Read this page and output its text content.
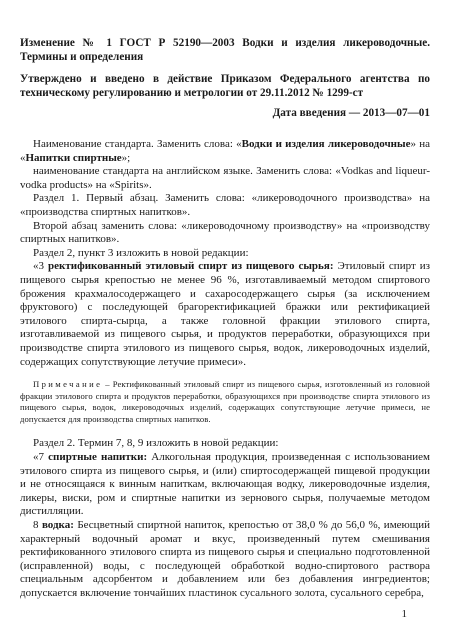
Изменение № 1 ГОСТ Р 52190—2003 Водки и изделия ликероводочные. Термины и определения

Утверждено и введено в действие Приказом Федерального агентства по техническому регулированию и метрологии от 29.11.2012 № 1299-ст

Дата введения — 2013—07—01

Наименование стандарта. Заменить слова: «Водки и изделия ликероводочные» на «Напитки спиртные»;

наименование стандарта на английском языке. Заменить слова: «Vodkas and liqueur-vodka products» на «Spirits».

Раздел 1. Первый абзац. Заменить слова: «ликероводочного производства» на «производства спиртных напитков».

Второй абзац заменить слова: «ликероводочному производству» на «производству спиртных напитков».

Раздел 2, пункт 3 изложить в новой редакции:

«3 ректификованный этиловый спирт из пищевого сырья: Этиловый спирт из пищевого сырья крепостью не менее 96 %, изготавливаемый методом спиртового брожения крахмалосодержащего и сахаросодержащего сырья (за исключением фруктового) с последующей брагоректификацией бражки или ректификацией этилового спирта-сырца, а также головной фракции этилового спирта, изготавливаемой из пищевого сырья, и продуктов переработки, образующихся при производстве спирта этилового из пищевого сырья, водок, ликероводочных изделий, содержащих сопутствующие летучие примеси».

Примечание – Ректификованный этиловый спирт из пищевого сырья, изготовленный из головной фракции этилового спирта и продуктов переработки, образующихся при производстве спирта этилового из пищевого сырья, водок, ликероводочных изделий, содержащих сопутствующие летучие примеси, не допускается для производства спиртных напитков.

Раздел 2. Термин 7, 8, 9 изложить в новой редакции:

«7 спиртные напитки: Алкогольная продукция, произведенная с использованием этилового спирта из пищевого сырья, и (или) спиртосодержащей пищевой продукции и не относящаяся к винным напиткам, включающая водку, ликероводочные изделия, ликеры, виски, ром и спиртные напитки из зернового сырья, получаемые методом дистилляции.

8 водка: Бесцветный спиртной напиток, крепостью от 38,0 % до 56,0 %, имеющий характерный водочный аромат и вкус, произведенный путем смешивания ректификованного этилового спирта из пищевого сырья и специально подготовленной (исправленной) воды, с последующей обработкой водно-спиртового раствора специальным адсорбентом и добавлением или без добавления ингредиентов; допускается включение тончайших пластинок сусального золота, сусального серебра,

1
